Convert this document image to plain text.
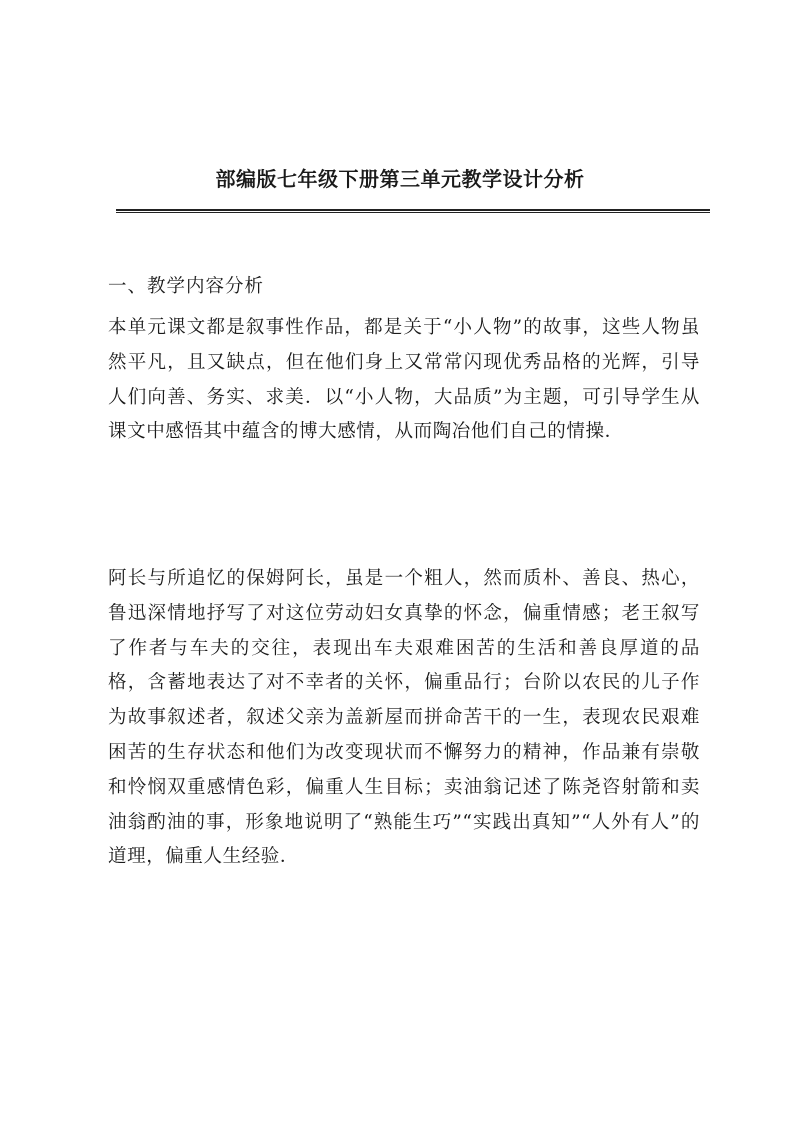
部编版七年级下册第三单元教学设计分析
一、教学内容分析

本单元课文都是叙事性作品，都是关于“小人物”的故事，这些人物虽然平凡，且又缺点，但在他们身上又常常闪现优秀品格的光辉，引导人们向善、务实、求美．以“小人物，大品质”为主题，可引导学生从课文中感悟其中蕴含的博大感情，从而陶冶他们自己的情操．

阿长与所追忆的保姆阿长，虽是一个粗人，然而质朴、善良、热心，鲁迅深情地抒写了对这位劳动妇女真挚的怀念，偏重情感；老王叙写了作者与车夫的交往，表现出车夫艰难困苦的生活和善良厚道的品格，含蓄地表达了对不幸者的关怀，偏重品行；台阶以农民的儿子作为故事叙述者，叙述父亲为盖新屋而拼命苦干的一生，表现农民艰难困苦的生存状态和他们为改变现状而不懈努力的精神，作品兼有崇敬和怜悯双重感情色彩，偏重人生目标；卖油翁记述了陈尧咨射箭和卖油翁酌油的事，形象地说明了“熟能生巧”“实践出真知”“人外有人”的道理，偏重人生经验．
